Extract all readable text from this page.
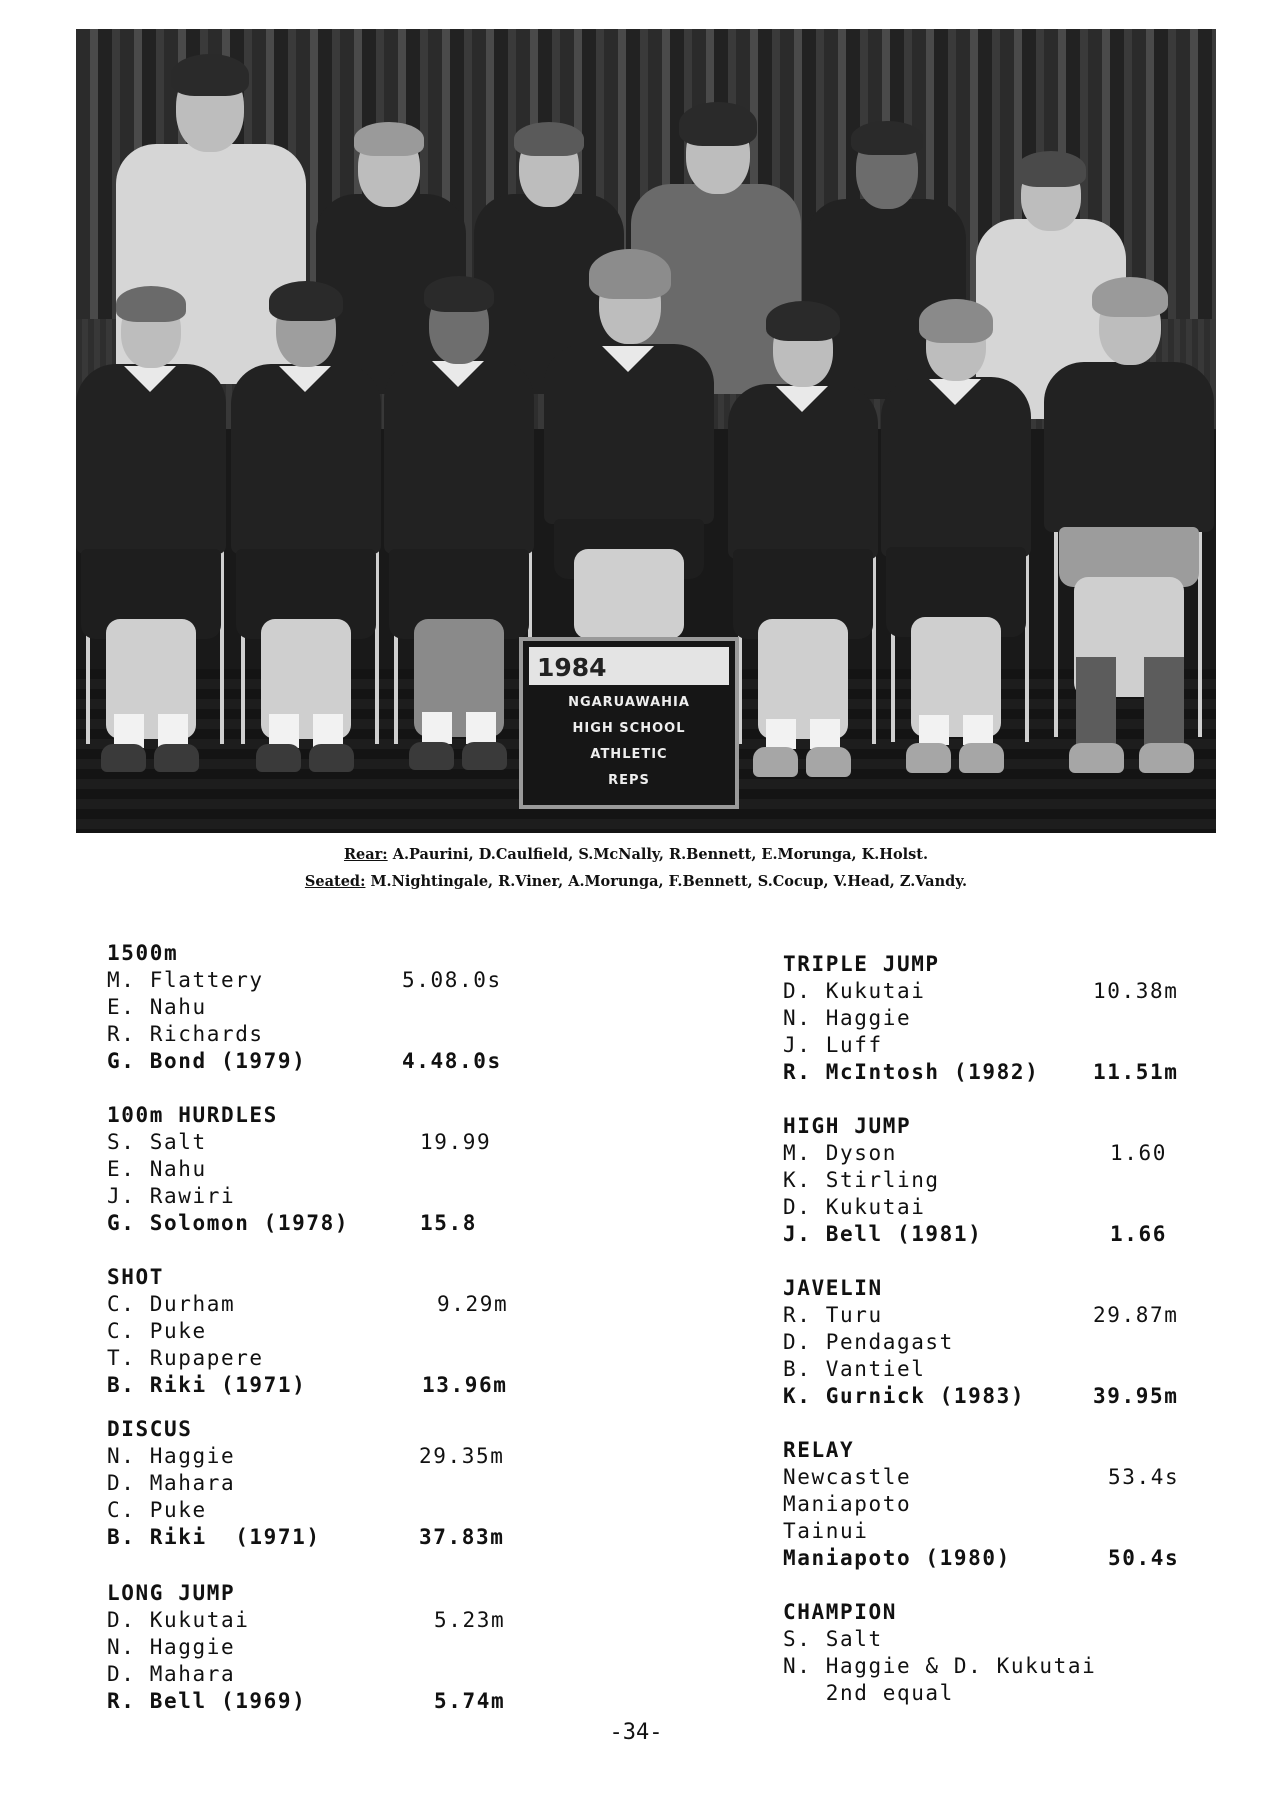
1984
NGARUAWAHIA
HIGH SCHOOL
ATHLETIC
REPS
Rear: A.Paurini, D.Caulfield, S.McNally, R.Bennett, E.Morunga, K.Holst.
Seated: M.Nightingale, R.Viner, A.Morunga, F.Bennett, S.Cocup, V.Head, Z.Vandy.
1500m
M. Flattery	5.08.0s
E. Nahu
R. Richards
G. Bond (1979)	4.48.0s
100m HURDLES
S. Salt	19.99
E. Nahu
J. Rawiri
G. Solomon (1978)	15.8
SHOT
C. Durham	9.29m
C. Puke
T. Rupapere
B. Riki (1971)	13.96m
DISCUS
N. Haggie	29.35m
D. Mahara
C. Puke
B. Riki  (1971)	37.83m
LONG JUMP
D. Kukutai	5.23m
N. Haggie
D. Mahara
R. Bell (1969)	5.74m
TRIPLE JUMP
D. Kukutai	10.38m
N. Haggie
J. Luff
R. McIntosh (1982)	11.51m
HIGH JUMP
M. Dyson	1.60
K. Stirling
D. Kukutai
J. Bell (1981)	1.66
JAVELIN
R. Turu	29.87m
D. Pendagast
B. Vantiel
K. Gurnick (1983)	39.95m
RELAY
Newcastle	53.4s
Maniapoto
Tainui
Maniapoto (1980)	50.4s
CHAMPION
S. Salt
N. Haggie & D. Kukutai
2nd equal
-34-
